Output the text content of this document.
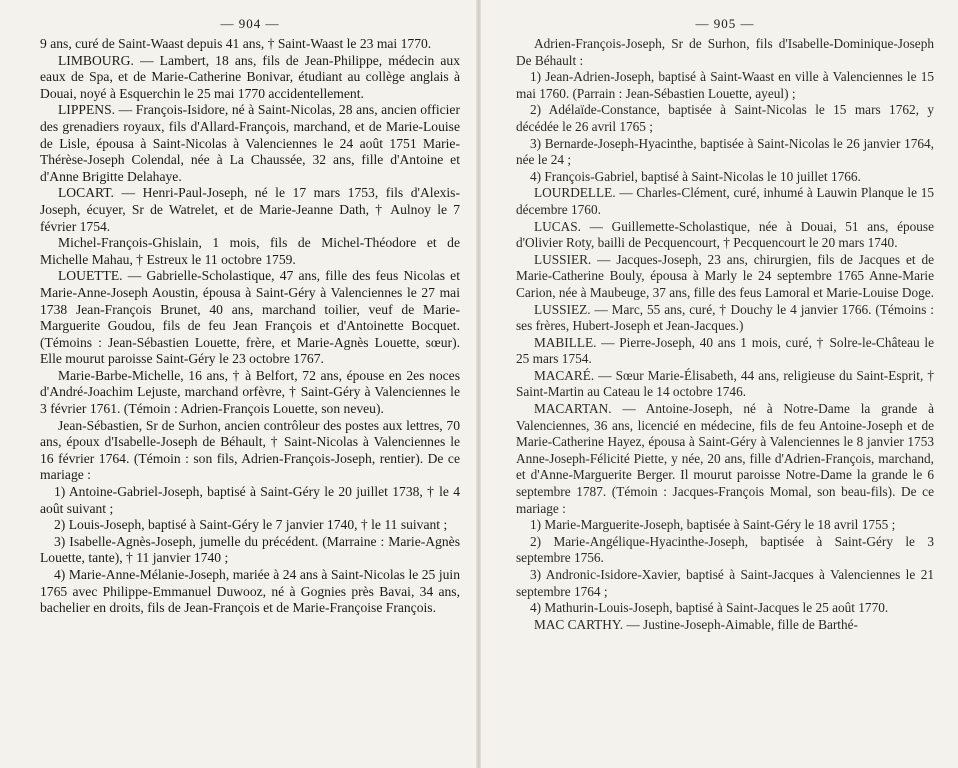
— 904 —

9 ans, curé de Saint-Waast depuis 41 ans, † Saint-Waast le 23 mai 1770.

LIMBOURG. — Lambert, 18 ans, fils de Jean-Philippe, médecin aux eaux de Spa, et de Marie-Catherine Bonivar, étudiant au collège anglais à Douai, noyé à Esquerchin le 25 mai 1770 accidentellement.

LIPPENS. — François-Isidore, né à Saint-Nicolas, 28 ans, ancien officier des grenadiers royaux, fils d'Allard-François, marchand, et de Marie-Louise de Lisle, épousa à Saint-Nicolas à Valenciennes le 24 août 1751 Marie-Thérèse-Joseph Colendal, née à La Chaussée, 32 ans, fille d'Antoine et d'Anne Brigitte Delahaye.

LOCART. — Henri-Paul-Joseph, né le 17 mars 1753, fils d'Alexis-Joseph, écuyer, Sr de Watrelet, et de Marie-Jeanne Dath, † Aulnoy le 7 février 1754.

Michel-François-Ghislain, 1 mois, fils de Michel-Théodore et de Michelle Mahau, † Estreux le 11 octobre 1759.

LOUETTE. — Gabrielle-Scholastique, 47 ans, fille des feus Nicolas et Marie-Anne-Joseph Aoustin, épousa à Saint-Géry à Valenciennes le 27 mai 1738 Jean-François Brunet, 40 ans, marchand toilier, veuf de Marie-Marguerite Goudou, fils de feu Jean François et d'Antoinette Bocquet. (Témoins : Jean-Sébastien Louette, frère, et Marie-Agnès Louette, sœur). Elle mourut paroisse Saint-Géry le 23 octobre 1767.

Marie-Barbe-Michelle, 16 ans, † à Belfort, 72 ans, épouse en 2es noces d'André-Joachim Lejuste, marchand orfèvre, † Saint-Géry à Valenciennes le 3 février 1761. (Témoin : Adrien-François Louette, son neveu).

Jean-Sébastien, Sr de Surhon, ancien contrôleur des postes aux lettres, 70 ans, époux d'Isabelle-Joseph de Béhault, † Saint-Nicolas à Valenciennes le 16 février 1764. (Témoin : son fils, Adrien-François-Joseph, rentier). De ce mariage :

1) Antoine-Gabriel-Joseph, baptisé à Saint-Géry le 20 juillet 1738, † le 4 août suivant ;

2) Louis-Joseph, baptisé à Saint-Géry le 7 janvier 1740, † le 11 suivant ;

3) Isabelle-Agnès-Joseph, jumelle du précédent. (Marraine : Marie-Agnès Louette, tante), † 11 janvier 1740 ;

4) Marie-Anne-Mélanie-Joseph, mariée à 24 ans à Saint-Nicolas le 25 juin 1765 avec Philippe-Emmanuel Duwooz, né à Gognies près Bavai, 34 ans, bachelier en droits, fils de Jean-François et de Marie-Françoise François.

— 905 —

Adrien-François-Joseph, Sr de Surhon, fils d'Isabelle-Dominique-Joseph De Béhault :

1) Jean-Adrien-Joseph, baptisé à Saint-Waast en ville à Valenciennes le 15 mai 1760. (Parrain : Jean-Sébastien Louette, ayeul) ;

2) Adélaïde-Constance, baptisée à Saint-Nicolas le 15 mars 1762, y décédée le 26 avril 1765 ;

3) Bernarde-Joseph-Hyacinthe, baptisée à Saint-Nicolas le 26 janvier 1764, née le 24 ;

4) François-Gabriel, baptisé à Saint-Nicolas le 10 juillet 1766.

LOURDELLE. — Charles-Clément, curé, inhumé à Lauwin Planque le 15 décembre 1760.

LUCAS. — Guillemette-Scholastique, née à Douai, 51 ans, épouse d'Olivier Roty, bailli de Pecquencourt, † Pecquencourt le 20 mars 1740.

LUSSIER. — Jacques-Joseph, 23 ans, chirurgien, fils de Jacques et de Marie-Catherine Bouly, épousa à Marly le 24 septembre 1765 Anne-Marie Carion, née à Maubeuge, 37 ans, fille des feus Lamoral et Marie-Louise Doge.

LUSSIEZ. — Marc, 55 ans, curé, † Douchy le 4 janvier 1766. (Témoins : ses frères, Hubert-Joseph et Jean-Jacques.)

MABILLE. — Pierre-Joseph, 40 ans 1 mois, curé, † Solre-le-Château le 25 mars 1754.

MACARÉ. — Sœur Marie-Élisabeth, 44 ans, religieuse du Saint-Esprit, † Saint-Martin au Cateau le 14 octobre 1746.

MACARTAN. — Antoine-Joseph, né à Notre-Dame la grande à Valenciennes, 36 ans, licencié en médecine, fils de feu Antoine-Joseph et de Marie-Catherine Hayez, épousa à Saint-Géry à Valenciennes le 8 janvier 1753 Anne-Joseph-Félicité Piette, y née, 20 ans, fille d'Adrien-François, marchand, et d'Anne-Marguerite Berger. Il mourut paroisse Notre-Dame la grande le 6 septembre 1787. (Témoin : Jacques-François Momal, son beau-fils). De ce mariage :

1) Marie-Marguerite-Joseph, baptisée à Saint-Géry le 18 avril 1755 ;

2) Marie-Angélique-Hyacinthe-Joseph, baptisée à Saint-Géry le 3 septembre 1756.

3) Andronic-Isidore-Xavier, baptisé à Saint-Jacques à Valenciennes le 21 septembre 1764 ;

4) Mathurin-Louis-Joseph, baptisé à Saint-Jacques le 25 août 1770.

MAC CARTHY. — Justine-Joseph-Aimable, fille de Barthé-
